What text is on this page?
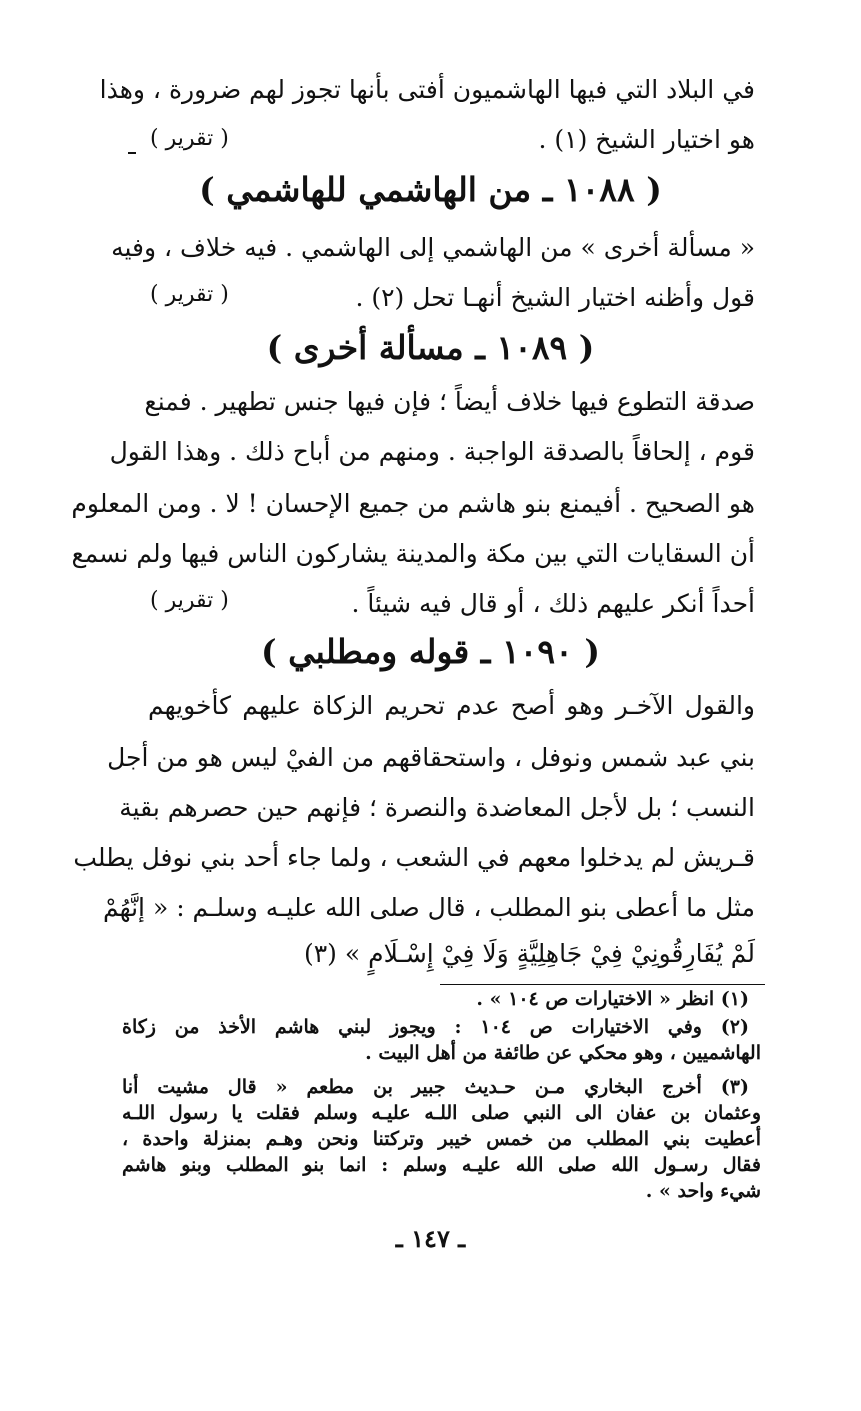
في البلاد التي فيها الهاشميون أفتى بأنها تجوز لهم ضرورة ، وهذا
هو اختيار الشيخ (١) .
( تقرير )
( ١٠٨٨ ـ من الهاشمي للهاشمي )
« مسألة أخرى » من الهاشمي إلى الهاشمي . فيه خلاف ، وفيه
قول وأظنه اختيار الشيخ أنهـا تحل (٢) .
( تقرير )
( ١٠٨٩ ـ مسألة أخرى )
صدقة التطوع فيها خلاف أيضاً ؛ فإن فيها جنس تطهير . فمنع
قوم ، إلحاقاً بالصدقة الواجبة . ومنهم من أباح ذلك . وهذا القول
هو الصحيح . أفيمنع بنو هاشم من جميع الإحسان ! لا . ومن المعلوم
أن السقايات التي بين مكة والمدينة يشاركون الناس فيها ولم نسمع
أحداً أنكر عليهم ذلك ، أو قال فيه شيئاً .
( تقرير )
( ١٠٩٠ ـ قوله ومطلبي )
والقول الآخـر وهو أصح عدم تحريم الزكاة عليهم كأخويهم
بني عبد شمس ونوفل ، واستحقاقهم من الفيْ ليس هو من أجل
النسب ؛ بل لأجل المعاضدة والنصرة ؛ فإنهم حين حصرهم بقية
قـريش لم يدخلوا معهم في الشعب ، ولما جاء أحد بني نوفل يطلب
مثل ما أعطى بنو المطلب ، قال صلى الله عليـه وسلـم : « إنَّهُمْ
لَمْ يُفَارِقُونِيْ فِيْ جَاهِلِيَّةٍ وَلَا فِيْ إِسْـلَامٍ » (٣)
(١) انظر « الاختيارات ص ١٠٤ » .
(٢) وفي الاختيارات ص ١٠٤ : ويجوز لبني هاشم الأخذ من زكاة
الهاشميين ، وهو محكي عن طائفة من أهل البيت .
(٣) أخرج البخاري مـن حـديث جبير بن مطعم « قال مشيت أنا
وعثمان بن عفان الى النبي صلى اللـه عليـه وسلم فقلت يا رسول اللـه
أعطيت بني المطلب من خمس خيبر وتركتنا ونحن وهـم بمنزلة واحدة ،
فقال رسـول الله صلى الله عليـه وسلم : انما بنو المطلب وبنو هاشم
شيء واحد » .
ـ ١٤٧ ـ
